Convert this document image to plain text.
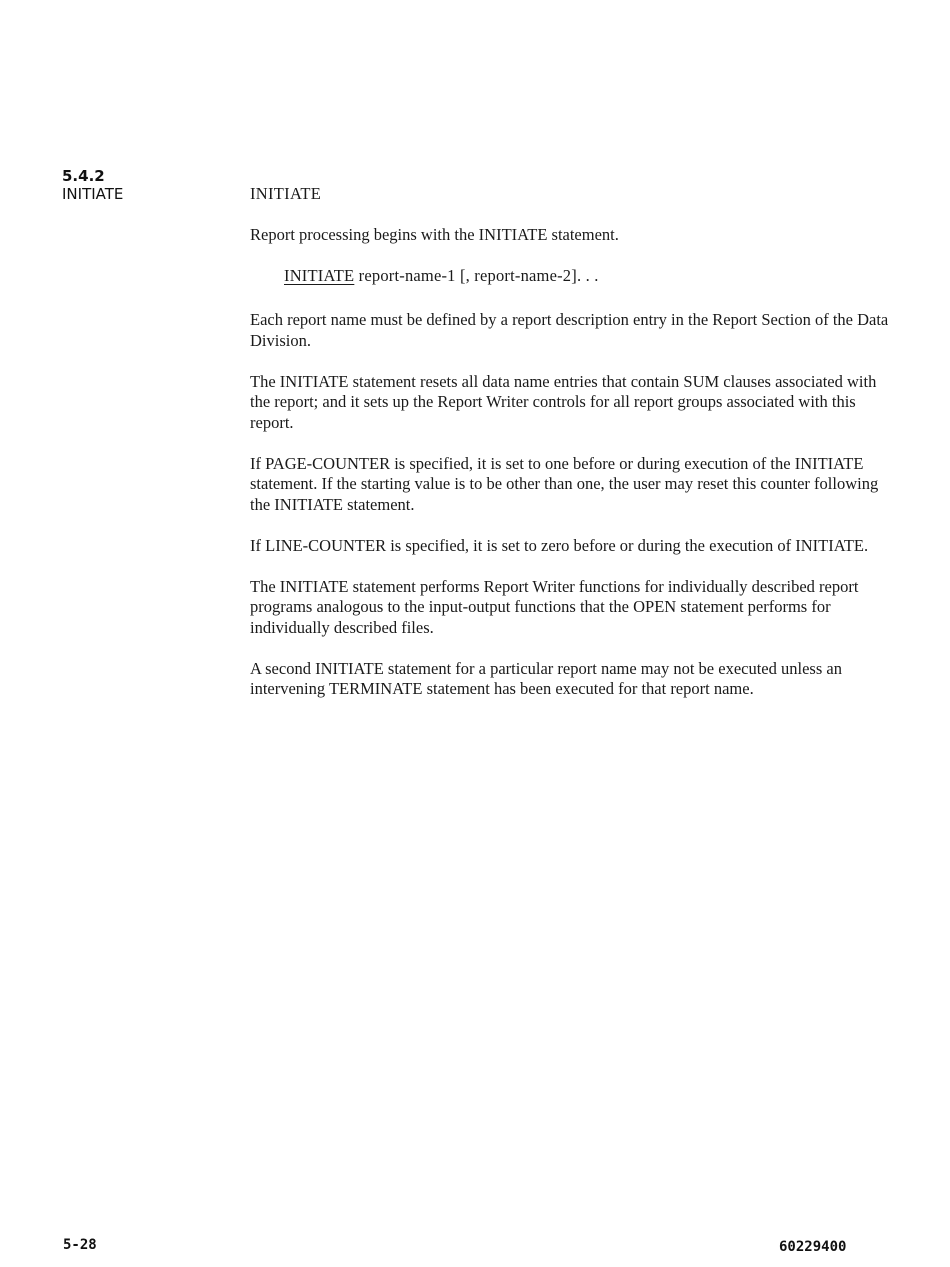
5.4.2
INITIATE	INITIATE

Report processing begins with the INITIATE statement.

INITIATE report-name-1 [, report-name-2]. . .

Each report name must be defined by a report description entry in the Report Section of the Data Division.

The INITIATE statement resets all data name entries that contain SUM clauses associated with the report; and it sets up the Report Writer controls for all report groups associated with this report.

If PAGE-COUNTER is specified, it is set to one before or during execution of the INITIATE statement. If the starting value is to be other than one, the user may reset this counter following the INITIATE statement.

If LINE-COUNTER is specified, it is set to zero before or during the execution of INITIATE.

The INITIATE statement performs Report Writer functions for individually described report programs analogous to the input-output functions that the OPEN statement performs for individually described files.

A second INITIATE statement for a particular report name may not be executed unless an intervening TERMINATE statement has been executed for that report name.

5-28	60229400
